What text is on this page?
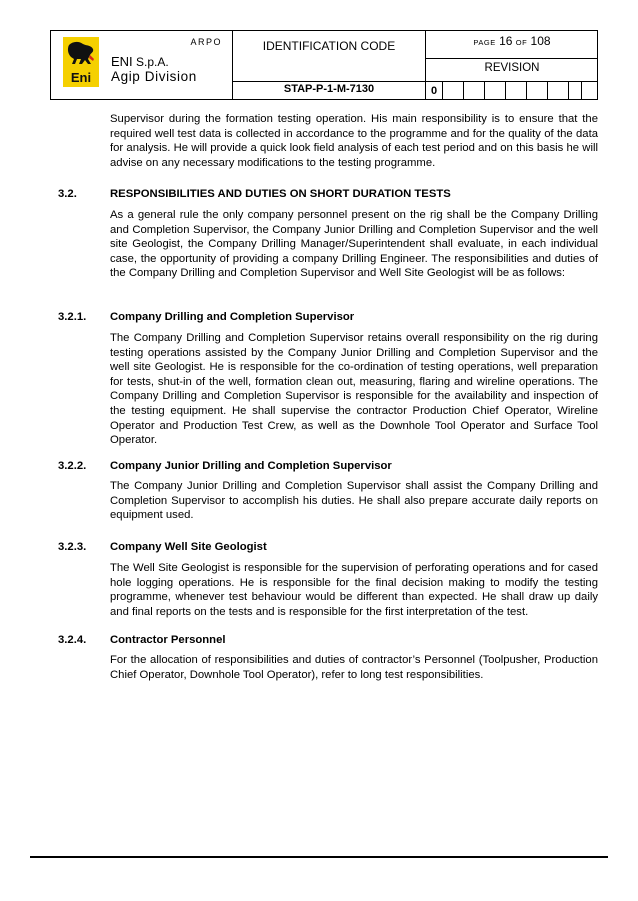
Eni
ARPO
ENI S.p.A.
Agip Division
IDENTIFICATION CODE
STAP-P-1-M-7130
PAGE 16 OF 108
REVISION
0

Supervisor during the formation testing operation. His main responsibility is to ensure that the required well test data is collected in accordance to the programme and for the quality of the data for analysis. He will provide a quick look field analysis of each test period and on this basis he will advise on any necessary modifications to the testing programme.

3.2.	RESPONSIBILITIES AND DUTIES ON SHORT DURATION TESTS

As a general rule the only company personnel present on the rig shall be the Company Drilling and Completion Supervisor, the Company Junior Drilling and Completion Supervisor and the well site Geologist, the Company Drilling Manager/Superintendent shall evaluate, in each individual case, the opportunity of providing a company Drilling Engineer. The responsibilities and duties of the Company Drilling and Completion Supervisor and Well Site Geologist will be as follows:

3.2.1. Company Drilling and Completion Supervisor

The Company Drilling and Completion Supervisor retains overall responsibility on the rig during testing operations assisted by the Company Junior Drilling and Completion Supervisor and the well site Geologist. He is responsible for the co-ordination of testing operations, well preparation for tests, shut-in of the well, formation clean out, measuring, flaring and wireline operations. The Company Drilling and Completion Supervisor is responsible for the availability and inspection of the testing equipment. He shall supervise the contractor Production Chief Operator, Wireline Operator and Production Test Crew, as well as the Downhole Tool Operator and Surface Tool Operator.

3.2.2. Company Junior Drilling and Completion Supervisor

The Company Junior Drilling and Completion Supervisor shall assist the Company Drilling and Completion Supervisor to accomplish his duties. He shall also prepare accurate daily reports on equipment used.

3.2.3. Company Well Site Geologist

The Well Site Geologist is responsible for the supervision of perforating operations and for cased hole logging operations. He is responsible for the final decision making to modify the testing programme, whenever test behaviour would be different than expected. He shall draw up daily and final reports on the tests and is responsible for the first interpretation of the test.

3.2.4. Contractor Personnel

For the allocation of responsibilities and duties of contractor’s Personnel (Toolpusher, Production Chief Operator, Downhole Tool Operator), refer to long test responsibilities.
